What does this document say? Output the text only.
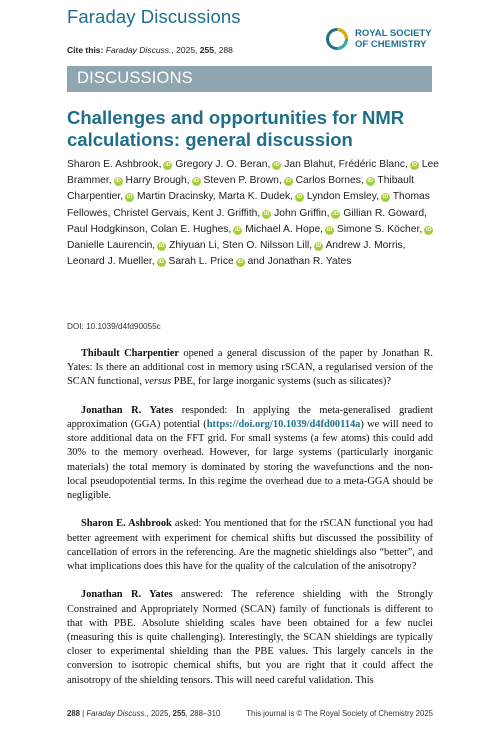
Faraday Discussions
Cite this: Faraday Discuss., 2025, 255, 288
ROYAL SOCIETY
OF CHEMISTRY
DISCUSSIONS
Challenges and opportunities for NMR calculations: general discussion
Sharon E. Ashbrook, iD Gregory J. O. Beran, iD Jan Blahut, Frédéric Blanc, iD Lee Brammer, iD Harry Brough, iD Steven P. Brown, iD Carlos Bornes, iD Thibault Charpentier, iD Martin Dracinsky, Marta K. Dudek, iD Lyndon Emsley, iD Thomas Fellowes, Christel Gervais, Kent J. Griffith, iD John Griffin, iD Gillian R. Goward, Paul Hodgkinson, Colan E. Hughes, iD Michael A. Hope, iD Simone S. Köcher, iD Danielle Laurencin, iD Zhiyuan Li, Sten O. Nilsson Lill, iD Andrew J. Morris, Leonard J. Mueller, iD Sarah L. Price iD and Jonathan R. Yates
DOI: 10.1039/d4fd90055c

Thibault Charpentier opened a general discussion of the paper by Jonathan R. Yates: Is there an additional cost in memory using rSCAN, a regularised version of the SCAN functional, versus PBE, for large inorganic systems (such as silicates)?

Jonathan R. Yates responded: In applying the meta-generalised gradient approximation (GGA) potential (https://doi.org/10.1039/d4fd00114a) we will need to store additional data on the FFT grid. For small systems (a few atoms) this could add 30% to the memory overhead. However, for large systems (particularly inorganic materials) the total memory is dominated by storing the wavefunctions and the non-local pseudopotential terms. In this regime the overhead due to a meta-GGA should be negligible.

Sharon E. Ashbrook asked: You mentioned that for the rSCAN functional you had better agreement with experiment for chemical shifts but discussed the possibility of cancellation of errors in the referencing. Are the magnetic shieldings also “better”, and what implications does this have for the quality of the calculation of the anisotropy?

Jonathan R. Yates answered: The reference shielding with the Strongly Constrained and Appropriately Normed (SCAN) family of functionals is different to that with PBE. Absolute shielding scales have been obtained for a few nuclei (measuring this is quite challenging). Interestingly, the SCAN shieldings are typically closer to experimental shielding than the PBE values. This largely cancels in the conversion to isotropic chemical shifts, but you are right that it could affect the anisotropy of the shielding tensors. This will need careful validation. This

288 | Faraday Discuss., 2025, 255, 288–310	This journal is © The Royal Society of Chemistry 2025
